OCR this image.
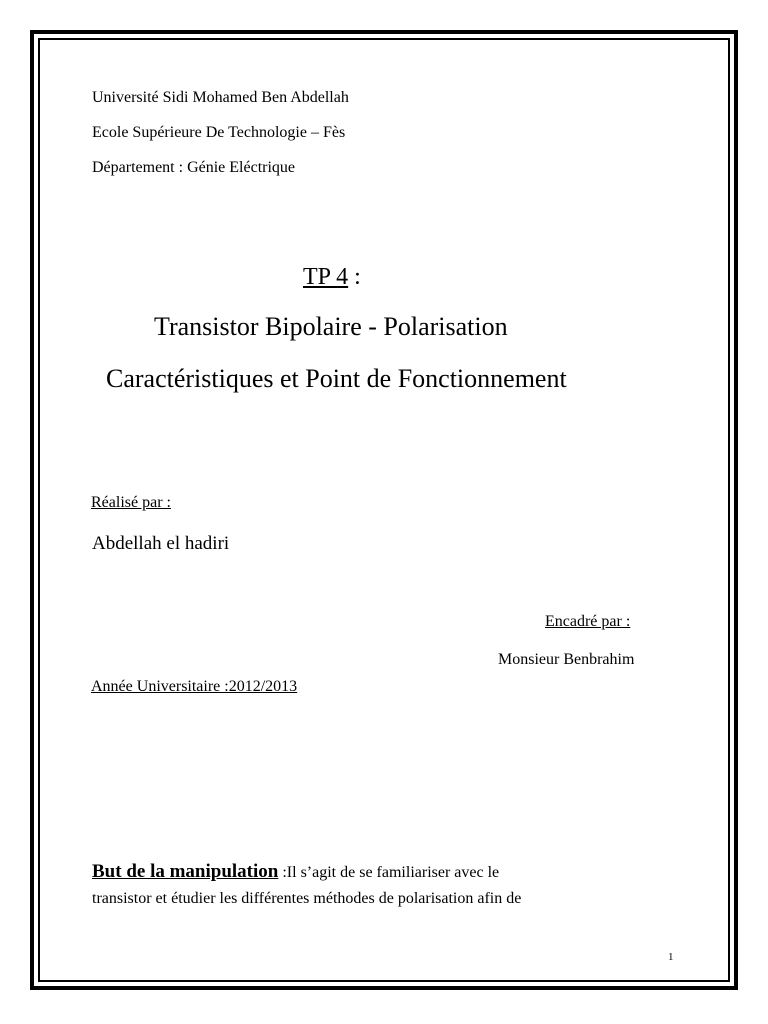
Université Sidi Mohamed Ben Abdellah
Ecole Supérieure De Technologie – Fès
Département : Génie Eléctrique
TP 4 :
Transistor Bipolaire - Polarisation
Caractéristiques et Point de Fonctionnement
Réalisé par :
Abdellah el hadiri
Encadré par :
Monsieur Benbrahim
Année Universitaire :2012/2013
But de la manipulation :Il s’agit de se familiariser avec le
transistor et étudier les différentes méthodes de polarisation afin de
1
